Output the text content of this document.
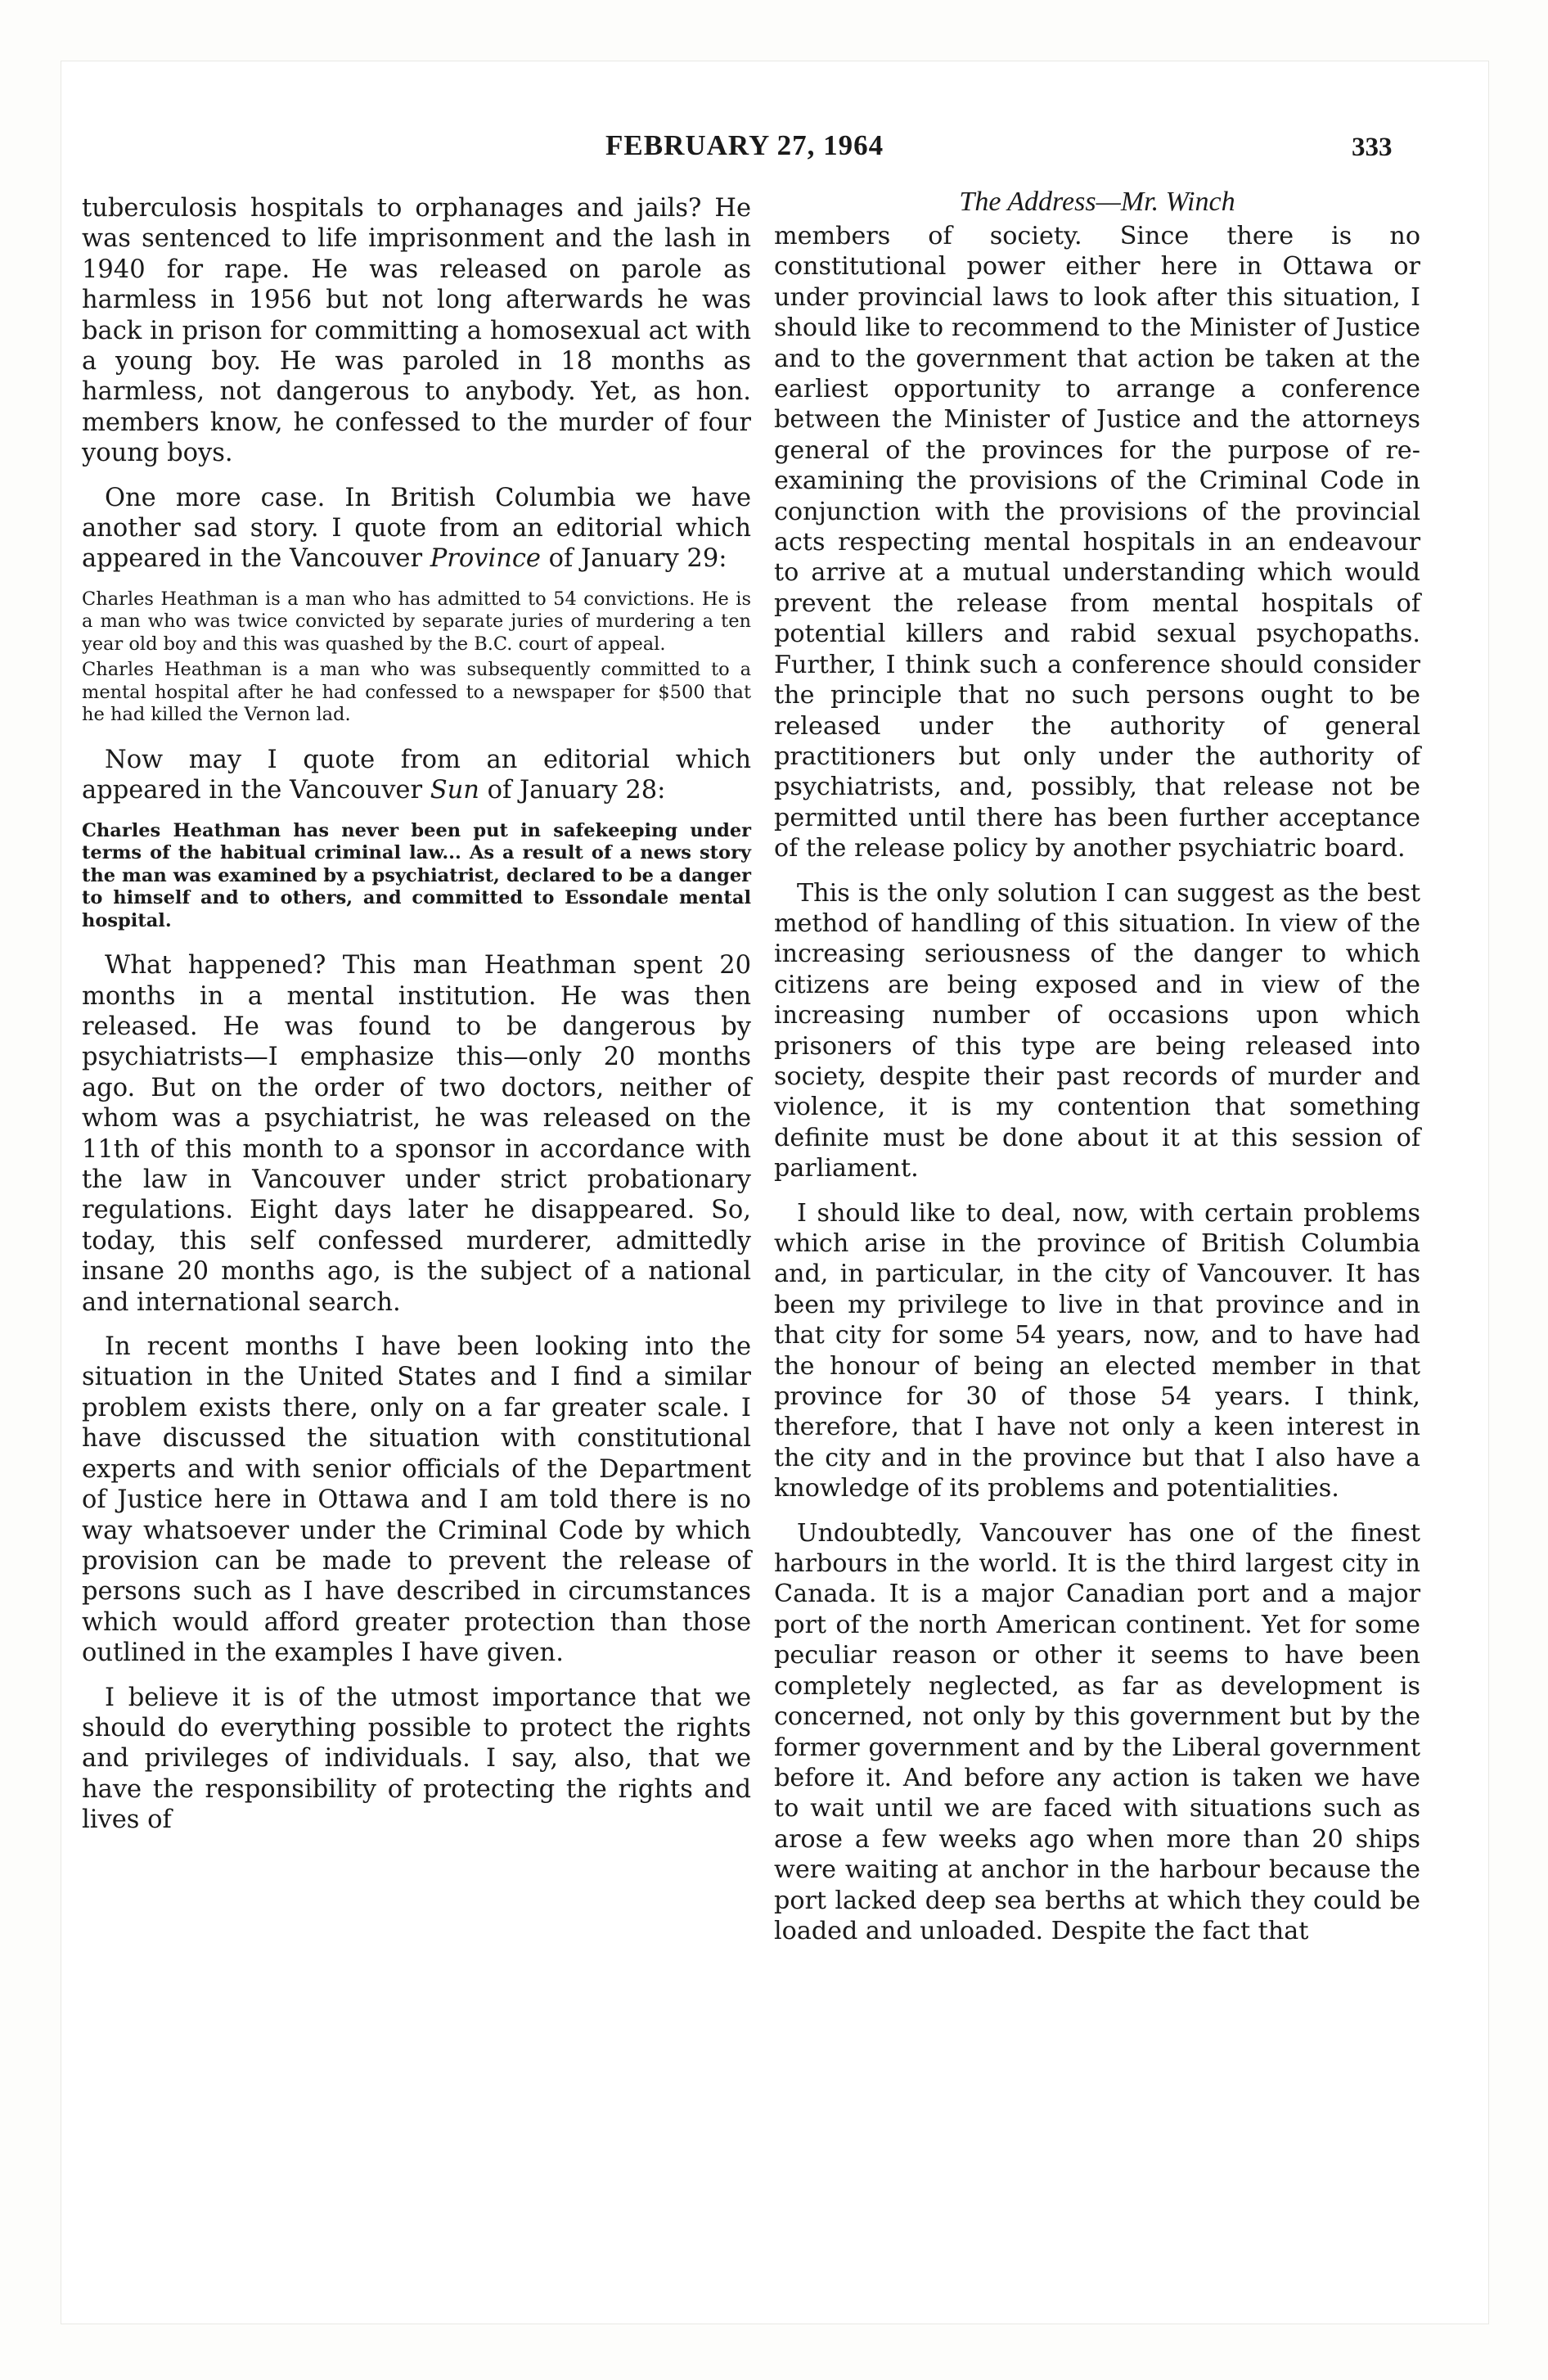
FEBRUARY 27, 1964	333

tuberculosis hospitals to orphanages and jails? He was sentenced to life imprisonment and the lash in 1940 for rape. He was released on parole as harmless in 1956 but not long afterwards he was back in prison for committing a homosexual act with a young boy. He was paroled in 18 months as harmless, not dangerous to anybody. Yet, as hon. members know, he confessed to the murder of four young boys.

One more case. In British Columbia we have another sad story. I quote from an editorial which appeared in the Vancouver Province of January 29:

Charles Heathman is a man who has admitted to 54 convictions. He is a man who was twice convicted by separate juries of murdering a ten year old boy and this was quashed by the B.C. court of appeal.

Charles Heathman is a man who was subsequently committed to a mental hospital after he had confessed to a newspaper for $500 that he had killed the Vernon lad.

Now may I quote from an editorial which appeared in the Vancouver Sun of January 28:

Charles Heathman has never been put in safekeeping under terms of the habitual criminal law... As a result of a news story the man was examined by a psychiatrist, declared to be a danger to himself and to others, and committed to Essondale mental hospital.

What happened? This man Heathman spent 20 months in a mental institution. He was then released. He was found to be dangerous by psychiatrists—I emphasize this—only 20 months ago. But on the order of two doctors, neither of whom was a psychiatrist, he was released on the 11th of this month to a sponsor in accordance with the law in Vancouver under strict probationary regulations. Eight days later he disappeared. So, today, this self confessed murderer, admittedly insane 20 months ago, is the subject of a national and international search.

In recent months I have been looking into the situation in the United States and I find a similar problem exists there, only on a far greater scale. I have discussed the situation with constitutional experts and with senior officials of the Department of Justice here in Ottawa and I am told there is no way whatsoever under the Criminal Code by which provision can be made to prevent the release of persons such as I have described in circumstances which would afford greater protection than those outlined in the examples I have given.

I believe it is of the utmost importance that we should do everything possible to protect the rights and privileges of individuals. I say, also, that we have the responsibility of protecting the rights and lives of

The Address—Mr. Winch

members of society. Since there is no constitutional power either here in Ottawa or under provincial laws to look after this situation, I should like to recommend to the Minister of Justice and to the government that action be taken at the earliest opportunity to arrange a conference between the Minister of Justice and the attorneys general of the provinces for the purpose of re-examining the provisions of the Criminal Code in conjunction with the provisions of the provincial acts respecting mental hospitals in an endeavour to arrive at a mutual understanding which would prevent the release from mental hospitals of potential killers and rabid sexual psychopaths. Further, I think such a conference should consider the principle that no such persons ought to be released under the authority of general practitioners but only under the authority of psychiatrists, and, possibly, that release not be permitted until there has been further acceptance of the release policy by another psychiatric board.

This is the only solution I can suggest as the best method of handling of this situation. In view of the increasing seriousness of the danger to which citizens are being exposed and in view of the increasing number of occasions upon which prisoners of this type are being released into society, despite their past records of murder and violence, it is my contention that something definite must be done about it at this session of parliament.

I should like to deal, now, with certain problems which arise in the province of British Columbia and, in particular, in the city of Vancouver. It has been my privilege to live in that province and in that city for some 54 years, now, and to have had the honour of being an elected member in that province for 30 of those 54 years. I think, therefore, that I have not only a keen interest in the city and in the province but that I also have a knowledge of its problems and potentialities.

Undoubtedly, Vancouver has one of the finest harbours in the world. It is the third largest city in Canada. It is a major Canadian port and a major port of the north American continent. Yet for some peculiar reason or other it seems to have been completely neglected, as far as development is concerned, not only by this government but by the former government and by the Liberal government before it. And before any action is taken we have to wait until we are faced with situations such as arose a few weeks ago when more than 20 ships were waiting at anchor in the harbour because the port lacked deep sea berths at which they could be loaded and unloaded. Despite the fact that
